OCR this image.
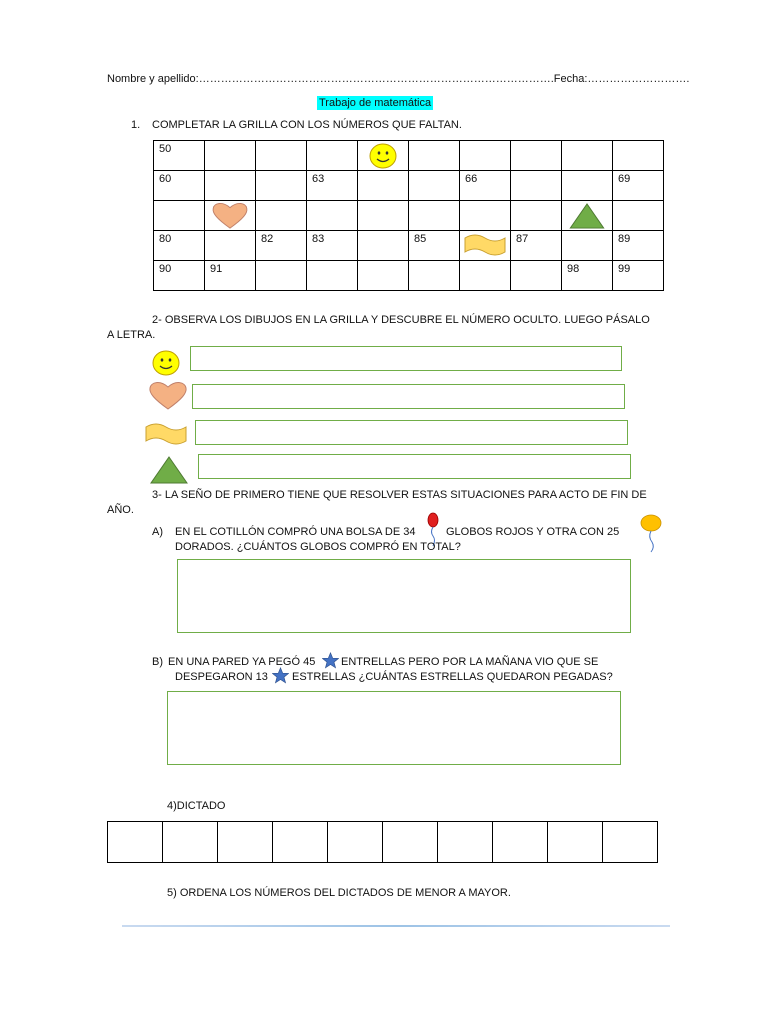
Nombre y apellido:…………………………………………………………………………………….Fecha:……………………….
Trabajo de matemática
1. COMPLETAR LA GRILLA CON LOS NÚMEROS QUE FALTAN.
50

60			63			66			69

80		82	83		85		87		89

90	91							98	99
2- OBSERVA LOS DIBUJOS EN LA GRILLA Y DESCUBRE EL NÚMERO OCULTO. LUEGO PÁSALO
A LETRA.
3- LA SEÑO DE PRIMERO TIENE QUE RESOLVER ESTAS SITUACIONES PARA ACTO DE FIN DE
AÑO.
A) EN EL COTILLÓN COMPRÓ UNA BOLSA DE 34	GLOBOS ROJOS Y OTRA CON 25
DORADOS. ¿CUÁNTOS GLOBOS COMPRÓ EN TOTAL?
B) EN UNA PARED YA PEGÓ 45 ENTRELLAS PERO POR LA MAÑANA VIO QUE SE
DESPEGARON 13 ESTRELLAS ¿CUÁNTAS ESTRELLAS QUEDARON PEGADAS?
4)DICTADO

5) ORDENA LOS NÚMEROS DEL DICTADOS DE MENOR A MAYOR.
